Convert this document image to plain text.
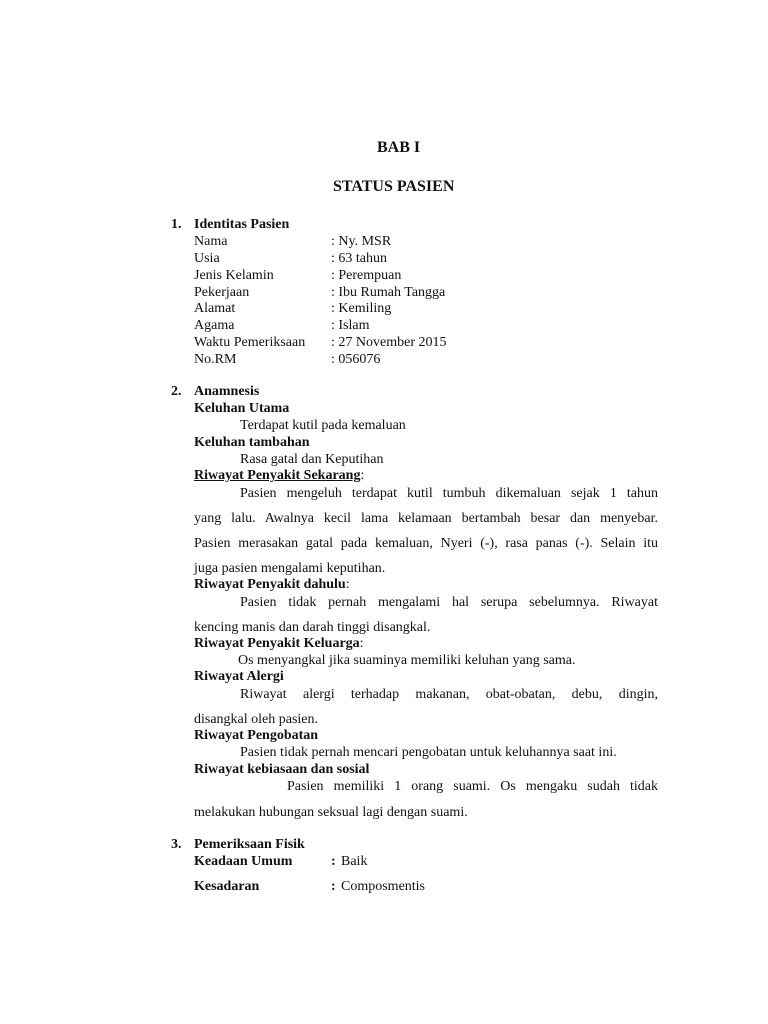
BAB I
STATUS PASIEN
1. Identitas Pasien
Nama	: Ny. MSR
Usia	: 63 tahun
Jenis Kelamin	: Perempuan
Pekerjaan	: Ibu Rumah Tangga
Alamat	: Kemiling
Agama	: Islam
Waktu Pemeriksaan : 27 November 2015
No.RM	: 056076
2. Anamnesis
Keluhan Utama
Terdapat kutil pada kemaluan
Keluhan tambahan
Rasa gatal dan Keputihan
Riwayat Penyakit Sekarang:
Pasien mengeluh terdapat kutil tumbuh dikemaluan sejak 1 tahun
yang lalu. Awalnya kecil lama kelamaan bertambah besar dan menyebar.
Pasien merasakan gatal pada kemaluan, Nyeri (-), rasa panas (-). Selain itu
juga pasien mengalami keputihan.
Riwayat Penyakit dahulu:
Pasien tidak pernah mengalami hal serupa sebelumnya. Riwayat
kencing manis dan darah tinggi disangkal.
Riwayat Penyakit Keluarga:
Os menyangkal jika suaminya memiliki keluhan yang sama.
Riwayat Alergi
Riwayat alergi terhadap makanan, obat-obatan, debu, dingin,
disangkal oleh pasien.
Riwayat Pengobatan
Pasien tidak pernah mencari pengobatan untuk keluhannya saat ini.
Riwayat kebiasaan dan sosial
Pasien memiliki 1 orang suami. Os mengaku sudah tidak
melakukan hubungan seksual lagi dengan suami.
3. Pemeriksaan Fisik
Keadaan Umum	: Baik
Kesadaran	: Composmentis
